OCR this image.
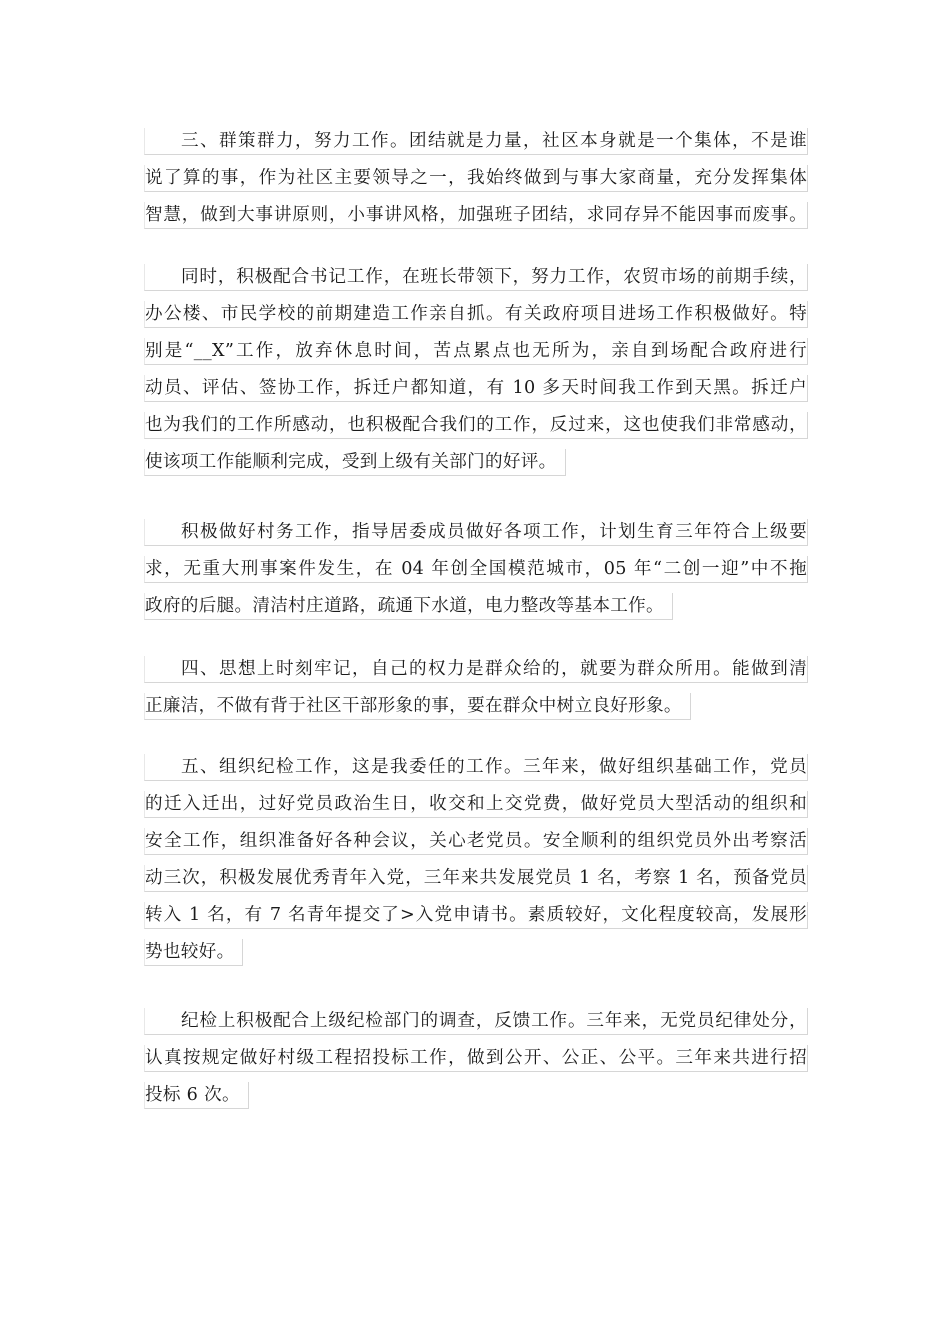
三、群策群力，努力工作。团结就是力量，社区本身就是一个集体，不是谁
说了算的事，作为社区主要领导之一，我始终做到与事大家商量，充分发挥集体
智慧，做到大事讲原则，小事讲风格，加强班子团结，求同存异不能因事而废事。
同时，积极配合书记工作，在班长带领下，努力工作，农贸市场的前期手续，
办公楼、市民学校的前期建造工作亲自抓。有关政府项目进场工作积极做好。特
别是“__X”工作，放弃休息时间，苦点累点也无所为，亲自到场配合政府进行
动员、评估、签协工作，拆迁户都知道，有 10 多天时间我工作到天黑。拆迁户
也为我们的工作所感动，也积极配合我们的工作，反过来，这也使我们非常感动，
使该项工作能顺利完成，受到上级有关部门的好评。
积极做好村务工作，指导居委成员做好各项工作，计划生育三年符合上级要
求，无重大刑事案件发生，在 04 年创全国模范城市，05 年“二创一迎”中不拖
政府的后腿。清洁村庄道路，疏通下水道，电力整改等基本工作。
四、思想上时刻牢记，自己的权力是群众给的，就要为群众所用。能做到清
正廉洁，不做有背于社区干部形象的事，要在群众中树立良好形象。
五、组织纪检工作，这是我委任的工作。三年来，做好组织基础工作，党员
的迁入迁出，过好党员政治生日，收交和上交党费，做好党员大型活动的组织和
安全工作，组织准备好各种会议，关心老党员。安全顺利的组织党员外出考察活
动三次，积极发展优秀青年入党，三年来共发展党员 1 名，考察 1 名，预备党员
转入 1 名，有 7 名青年提交了>入党申请书。素质较好，文化程度较高，发展形
势也较好。
纪检上积极配合上级纪检部门的调查，反馈工作。三年来，无党员纪律处分，
认真按规定做好村级工程招投标工作，做到公开、公正、公平。三年来共进行招
投标 6 次。
